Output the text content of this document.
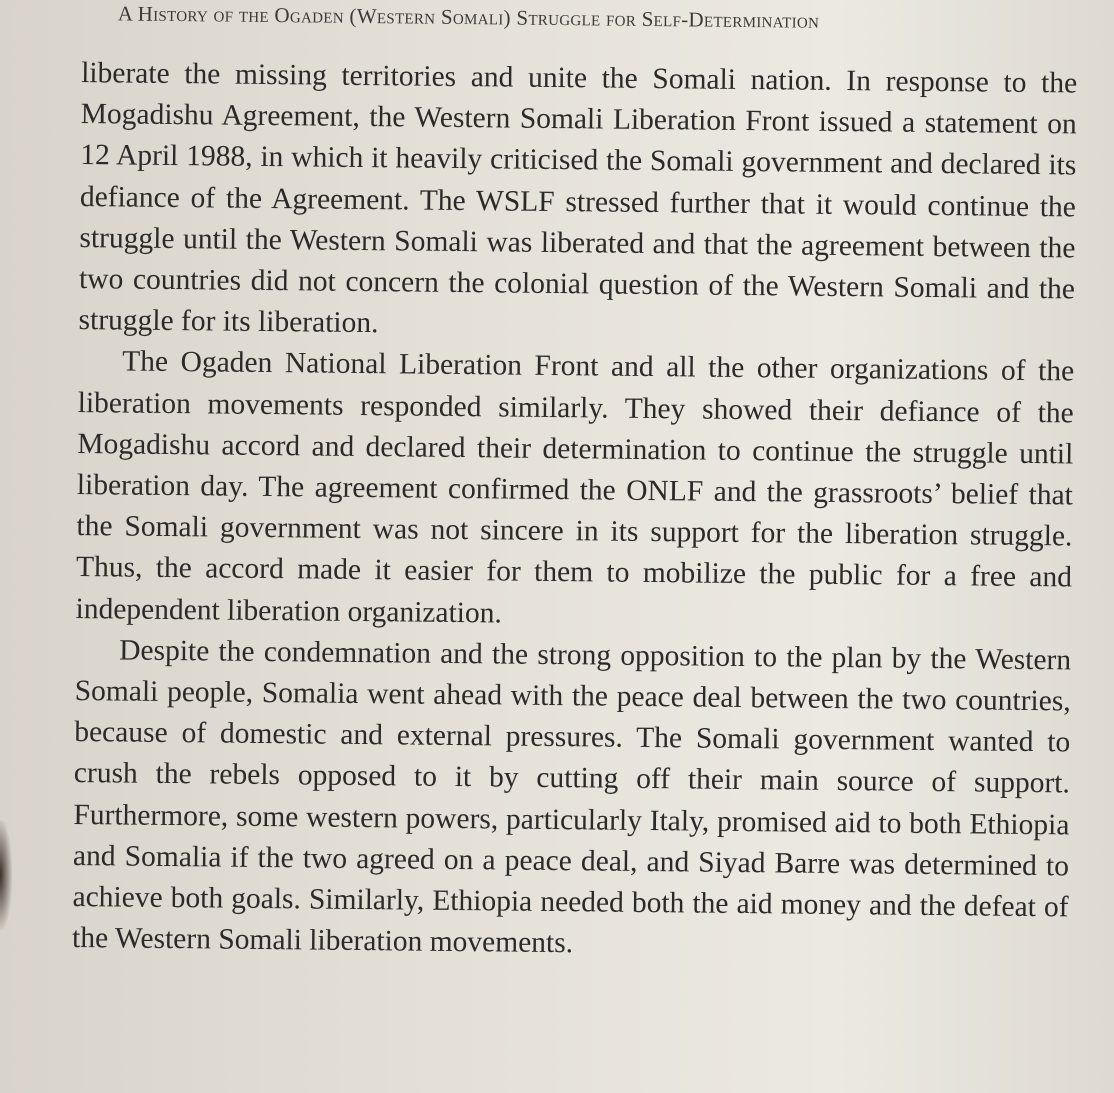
A History of the Ogaden (Western Somali) Struggle for Self-Determination

liberate the missing territories and unite the Somali nation. In response to the Mogadishu Agreement, the Western Somali Liberation Front issued a statement on 12 April 1988, in which it heavily criticised the Somali government and declared its defiance of the Agreement. The WSLF stressed further that it would continue the struggle until the Western Somali was liberated and that the agreement between the two countries did not concern the colonial question of the Western Somali and the struggle for its liberation.

The Ogaden National Liberation Front and all the other organizations of the liberation movements responded similarly. They showed their defiance of the Mogadishu accord and declared their determination to continue the struggle until liberation day. The agreement confirmed the ONLF and the grassroots’ belief that the Somali government was not sincere in its support for the liberation struggle. Thus, the accord made it easier for them to mobilize the public for a free and independent liberation organization.

Despite the condemnation and the strong opposition to the plan by the Western Somali people, Somalia went ahead with the peace deal between the two countries, because of domestic and external pressures. The Somali government wanted to crush the rebels opposed to it by cutting off their main source of support. Furthermore, some western powers, particularly Italy, promised aid to both Ethiopia and Somalia if the two agreed on a peace deal, and Siyad Barre was determined to achieve both goals. Similarly, Ethiopia needed both the aid money and the defeat of the Western Somali liberation movements.
